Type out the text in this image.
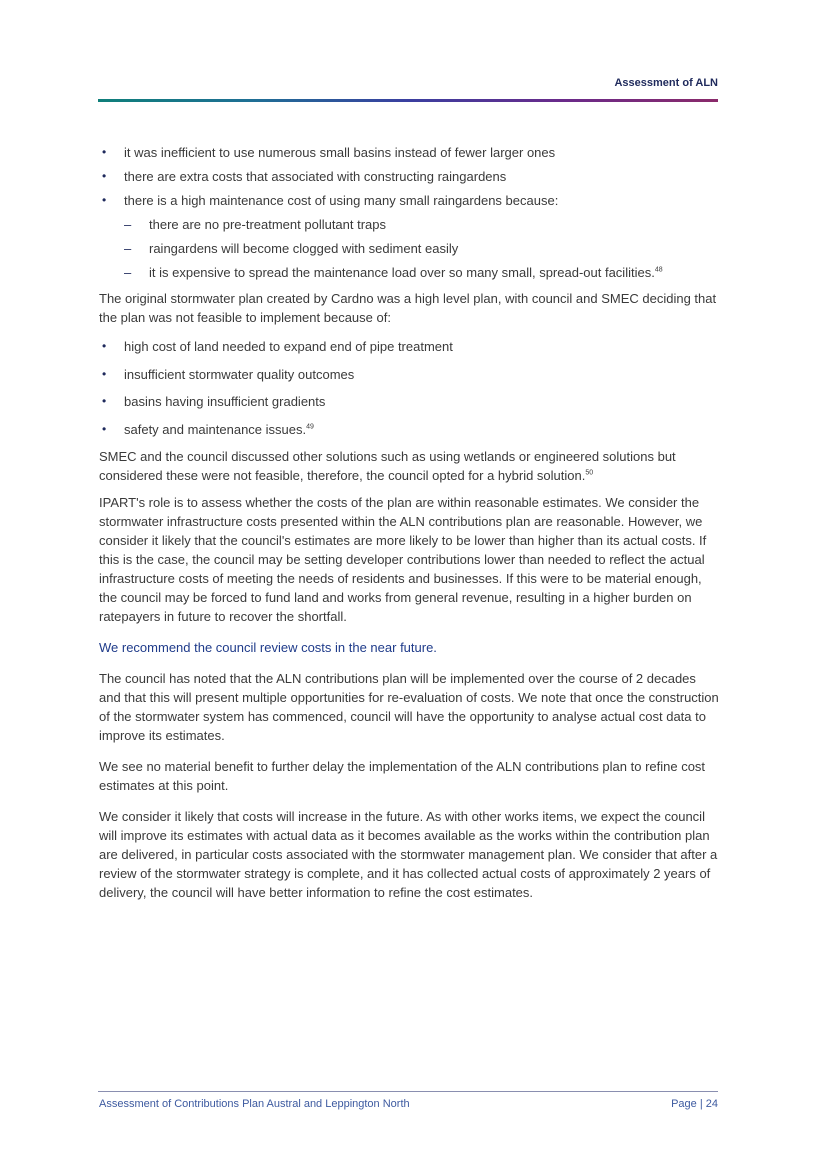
Assessment of ALN
•	it was inefficient to use numerous small basins instead of fewer larger ones
•	there are extra costs that associated with constructing raingardens
•	there is a high maintenance cost of using many small raingardens because:
– there are no pre-treatment pollutant traps
– raingardens will become clogged with sediment easily
– it is expensive to spread the maintenance load over so many small, spread-out facilities.$^{48}$

The original stormwater plan created by Cardno was a high level plan, with council and SMEC deciding that the plan was not feasible to implement because of:

•	high cost of land needed to expand end of pipe treatment
•	insufficient stormwater quality outcomes
•	basins having insufficient gradients
•	safety and maintenance issues.$^{49}$

SMEC and the council discussed other solutions such as using wetlands or engineered solutions but considered these were not feasible, therefore, the council opted for a hybrid solution.$^{50}$

IPART's role is to assess whether the costs of the plan are within reasonable estimates. We consider the stormwater infrastructure costs presented within the ALN contributions plan are reasonable. However, we consider it likely that the council's estimates are more likely to be lower than higher than its actual costs. If this is the case, the council may be setting developer contributions lower than needed to reflect the actual infrastructure costs of meeting the needs of residents and businesses. If this were to be material enough, the council may be forced to fund land and works from general revenue, resulting in a higher burden on ratepayers in future to recover the shortfall.

We recommend the council review costs in the near future.

The council has noted that the ALN contributions plan will be implemented over the course of 2 decades and that this will present multiple opportunities for re-evaluation of costs. We note that once the construction of the stormwater system has commenced, council will have the opportunity to analyse actual cost data to improve its estimates.

We see no material benefit to further delay the implementation of the ALN contributions plan to refine cost estimates at this point.

We consider it likely that costs will increase in the future. As with other works items, we expect the council will improve its estimates with actual data as it becomes available as the works within the contribution plan are delivered, in particular costs associated with the stormwater management plan. We consider that after a review of the stormwater strategy is complete, and it has collected actual costs of approximately 2 years of delivery, the council will have better information to refine the cost estimates.

Assessment of Contributions Plan Austral and Leppington North	Page | 24
